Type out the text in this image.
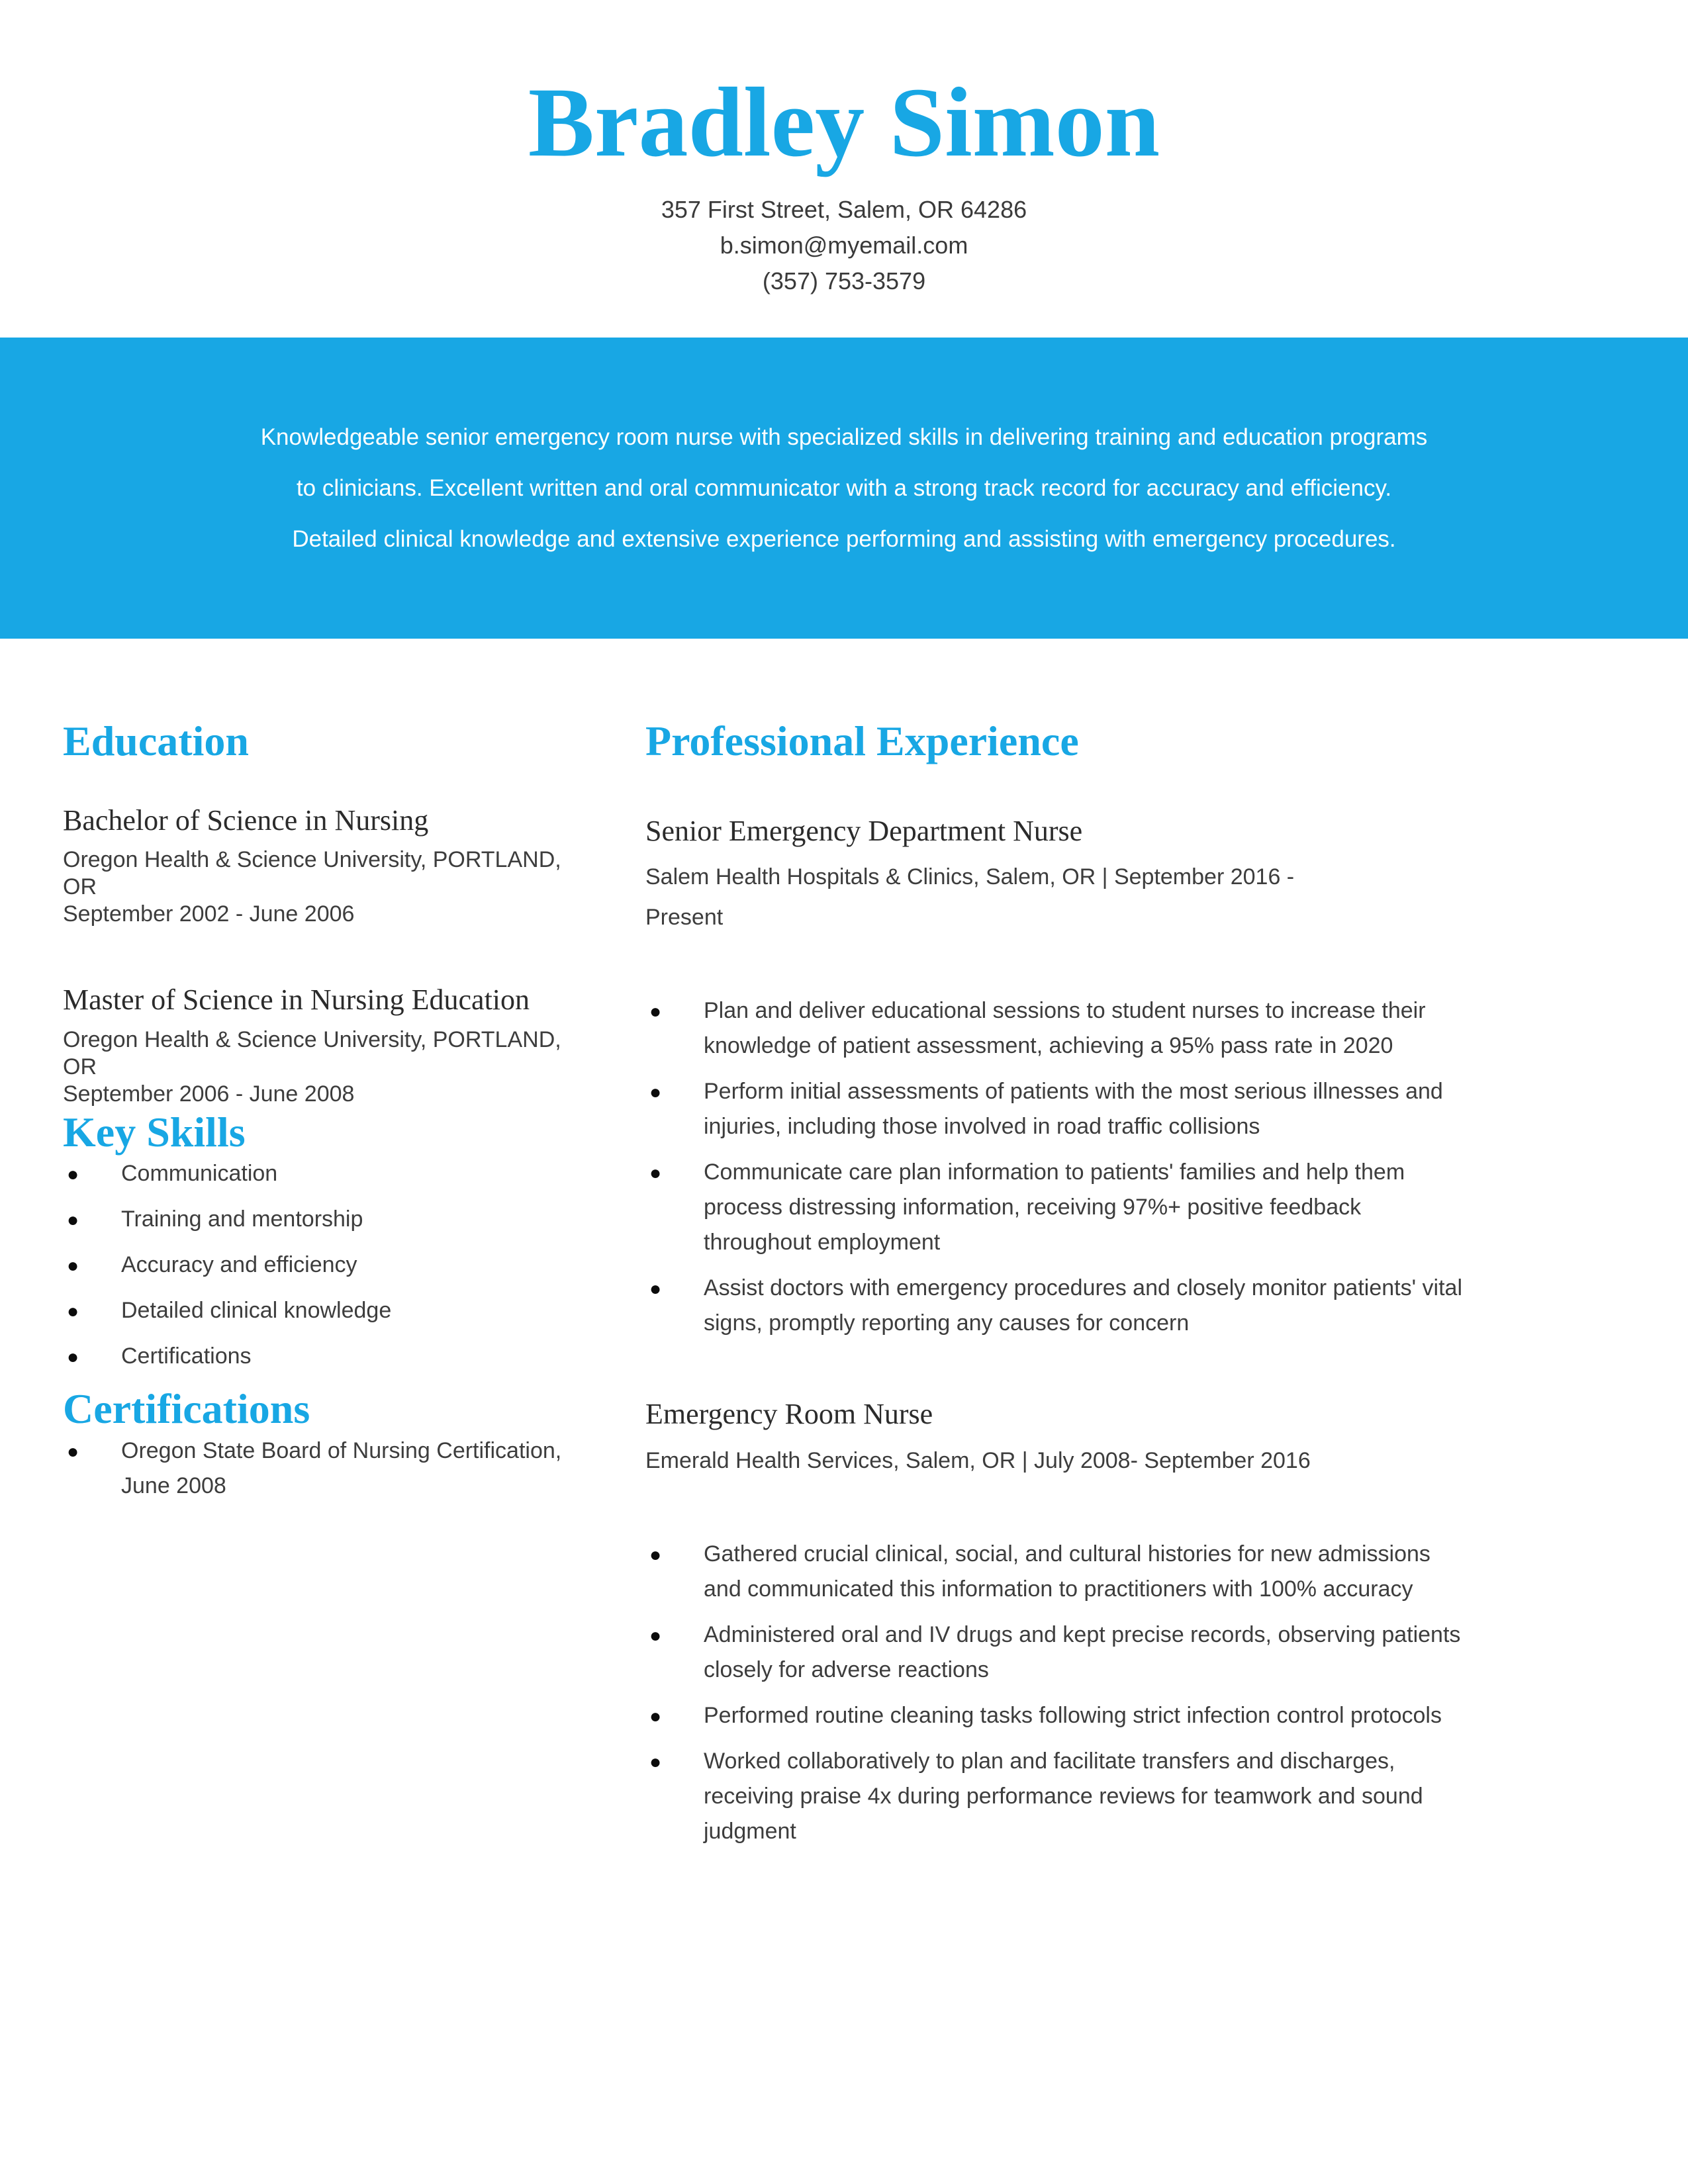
Bradley Simon
357 First Street, Salem, OR 64286
b.simon@myemail.com
(357) 753-3579
Knowledgeable senior emergency room nurse with specialized skills in delivering training and education programs
to clinicians. Excellent written and oral communicator with a strong track record for accuracy and efficiency.
Detailed clinical knowledge and extensive experience performing and assisting with emergency procedures.
Education
Bachelor of Science in Nursing
Oregon Health & Science University, PORTLAND, OR
September 2002 - June 2006
Master of Science in Nursing Education
Oregon Health & Science University, PORTLAND, OR
September 2006 - June 2008
Key Skills
● Communication
● Training and mentorship
● Accuracy and efficiency
● Detailed clinical knowledge
● Certifications
Certifications
● Oregon State Board of Nursing Certification, June 2008
Professional Experience
Senior Emergency Department Nurse

Salem Health Hospitals & Clinics, Salem, OR | September 2016 - Present

● Plan and deliver educational sessions to student nurses to increase their knowledge of patient assessment, achieving a 95% pass rate in 2020
● Perform initial assessments of patients with the most serious illnesses and injuries, including those involved in road traffic collisions
● Communicate care plan information to patients' families and help them process distressing information, receiving 97%+ positive feedback throughout employment
● Assist doctors with emergency procedures and closely monitor patients' vital signs, promptly reporting any causes for concern
Emergency Room Nurse

Emerald Health Services, Salem, OR | July 2008- September 2016

● Gathered crucial clinical, social, and cultural histories for new admissions and communicated this information to practitioners with 100% accuracy
● Administered oral and IV drugs and kept precise records, observing patients closely for adverse reactions
● Performed routine cleaning tasks following strict infection control protocols
● Worked collaboratively to plan and facilitate transfers and discharges, receiving praise 4x during performance reviews for teamwork and sound judgment
